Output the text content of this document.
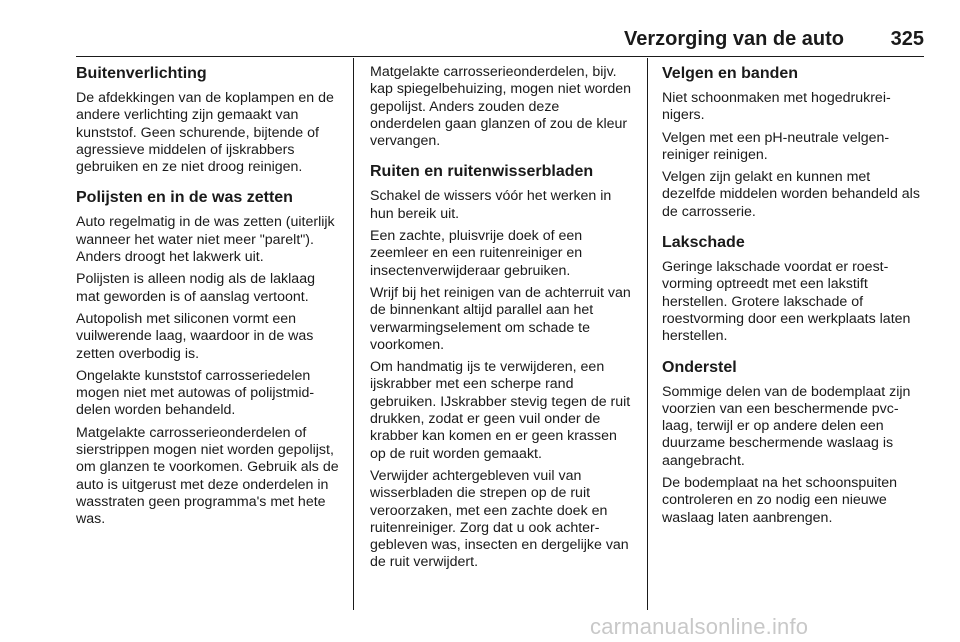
Verzorging van de auto 325
Buitenverlichting

De afdekkingen van de koplampen en de andere verlichting zijn gemaakt van kunststof. Geen schurende, bijtende of agressieve middelen of ijskrabbers gebruiken en ze niet droog reinigen.

Polijsten en in de was zetten

Auto regelmatig in de was zetten (uiterlijk wanneer het water niet meer "parelt"). Anders droogt het lakwerk uit.

Polijsten is alleen nodig als de laklaag mat geworden is of aanslag vertoont.

Autopolish met siliconen vormt een vuilwerende laag, waardoor in de was zetten overbodig is.

Ongelakte kunststof carrosseriedelen mogen niet met autowas of polijstmid- delen worden behandeld.

Matgelakte carrosserieonderdelen of sierstrippen mogen niet worden gepolijst, om glanzen te voorkomen. Gebruik als de auto is uitgerust met deze onderdelen in wasstraten geen programma's met hete was.

Matgelakte carrosserieonderdelen, bijv. kap spiegelbehuizing, mogen niet worden gepolijst. Anders zouden deze onderdelen gaan glanzen of zou de kleur vervangen.

Ruiten en ruitenwisserbladen

Schakel de wissers vóór het werken in hun bereik uit.

Een zachte, pluisvrije doek of een zeemleer en een ruitenreiniger en insectenverwijderaar gebruiken.

Wrijf bij het reinigen van de achterruit van de binnenkant altijd parallel aan het verwarmingselement om schade te voorkomen.

Om handmatig ijs te verwijderen, een ijskrabber met een scherpe rand gebruiken. IJskrabber stevig tegen de ruit drukken, zodat er geen vuil onder de krabber kan komen en er geen krassen op de ruit worden gemaakt.

Verwijder achtergebleven vuil van wisserbladen die strepen op de ruit veroorzaken, met een zachte doek en ruitenreiniger. Zorg dat u ook achter- gebleven was, insecten en dergelijke van de ruit verwijdert.

Velgen en banden

Niet schoonmaken met hogedrukrei- nigers.

Velgen met een pH-neutrale velgen- reiniger reinigen.

Velgen zijn gelakt en kunnen met dezelfde middelen worden behandeld als de carrosserie.

Lakschade

Geringe lakschade voordat er roest- vorming optreedt met een lakstift herstellen. Grotere lakschade of roestvorming door een werkplaats laten herstellen.

Onderstel

Sommige delen van de bodemplaat zijn voorzien van een beschermende pvc-laag, terwijl er op andere delen een duurzame beschermende waslaag is aangebracht.

De bodemplaat na het schoonspuiten controleren en zo nodig een nieuwe waslaag laten aanbrengen.

carmanualsonline.info
